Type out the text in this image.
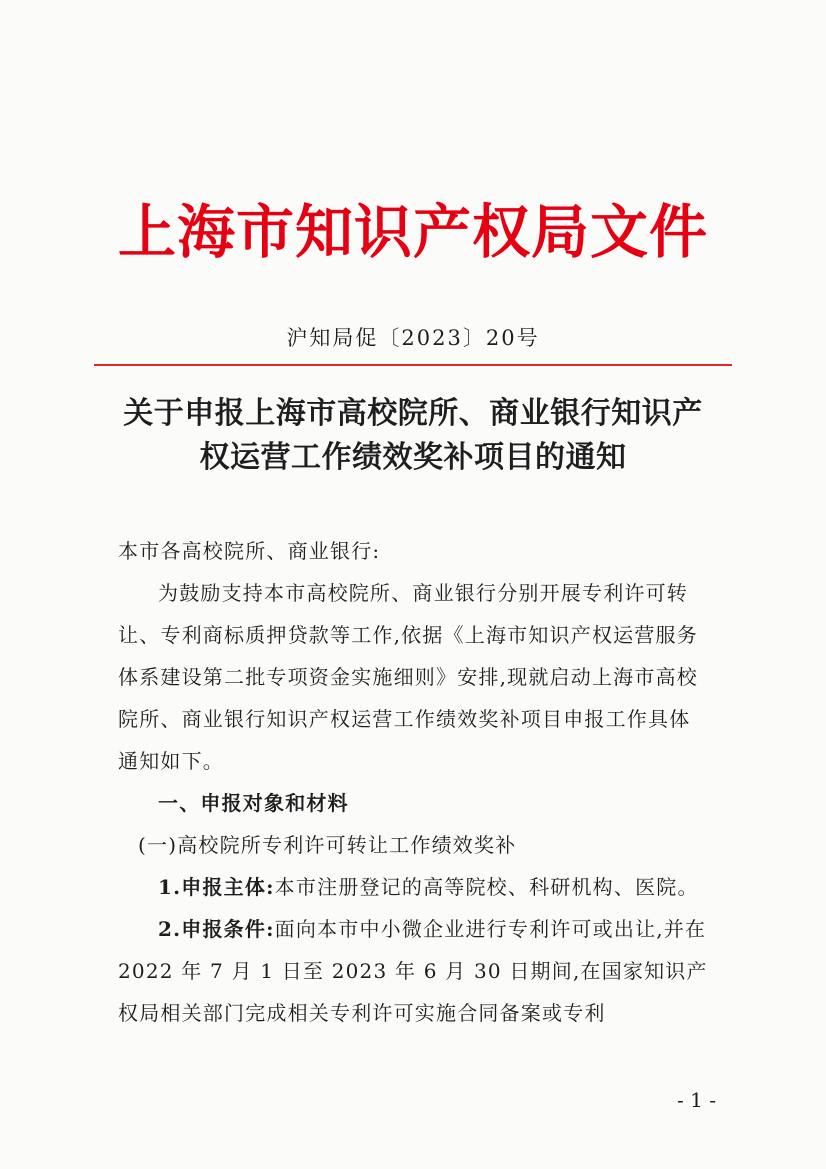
上海市知识产权局文件
沪知局促〔2023〕20号
关于申报上海市高校院所、商业银行知识产
权运营工作绩效奖补项目的通知

本市各高校院所、商业银行:

为鼓励支持本市高校院所、商业银行分别开展专利许可转让、专利商标质押贷款等工作,依据《上海市知识产权运营服务体系建设第二批专项资金实施细则》安排,现就启动上海市高校院所、商业银行知识产权运营工作绩效奖补项目申报工作具体通知如下。

一、申报对象和材料

(一)高校院所专利许可转让工作绩效奖补

1.申报主体:本市注册登记的高等院校、科研机构、医院。

2.申报条件:面向本市中小微企业进行专利许可或出让,并在 2022 年 7 月 1 日至 2023 年 6 月 30 日期间,在国家知识产权局相关部门完成相关专利许可实施合同备案或专利

- 1 -
